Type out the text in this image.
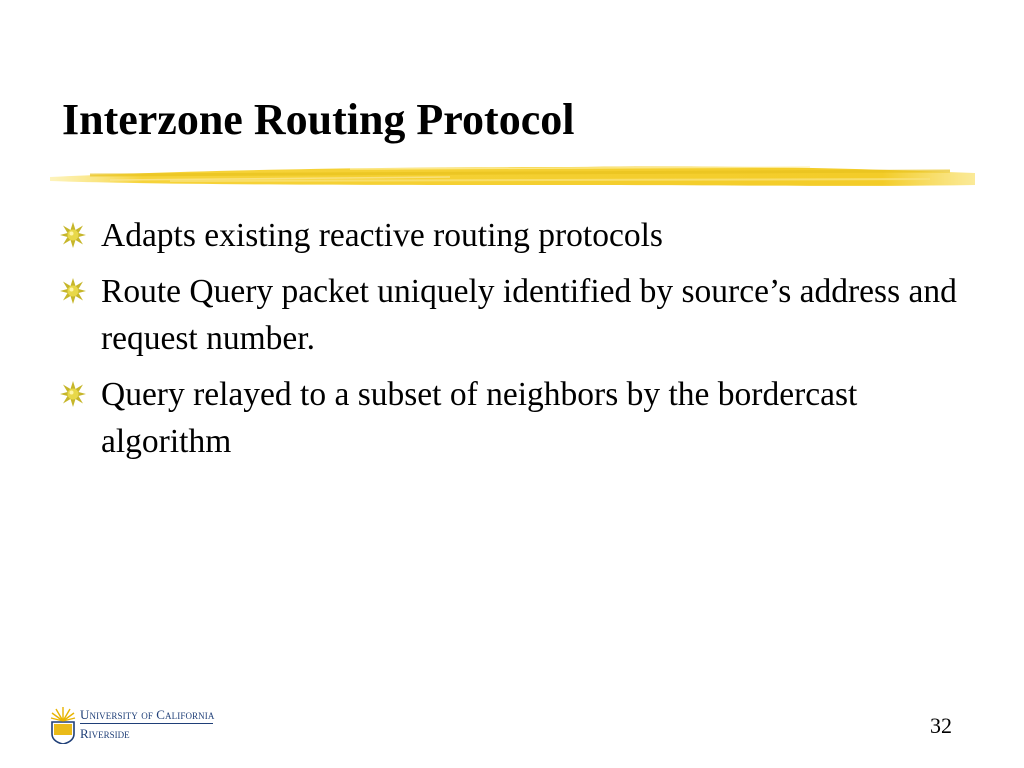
Interzone Routing Protocol
Adapts existing reactive routing protocols
Route Query packet uniquely identified by source’s address and request number.
Query relayed to a subset of neighbors by the bordercast algorithm
University of California
Riverside	32
